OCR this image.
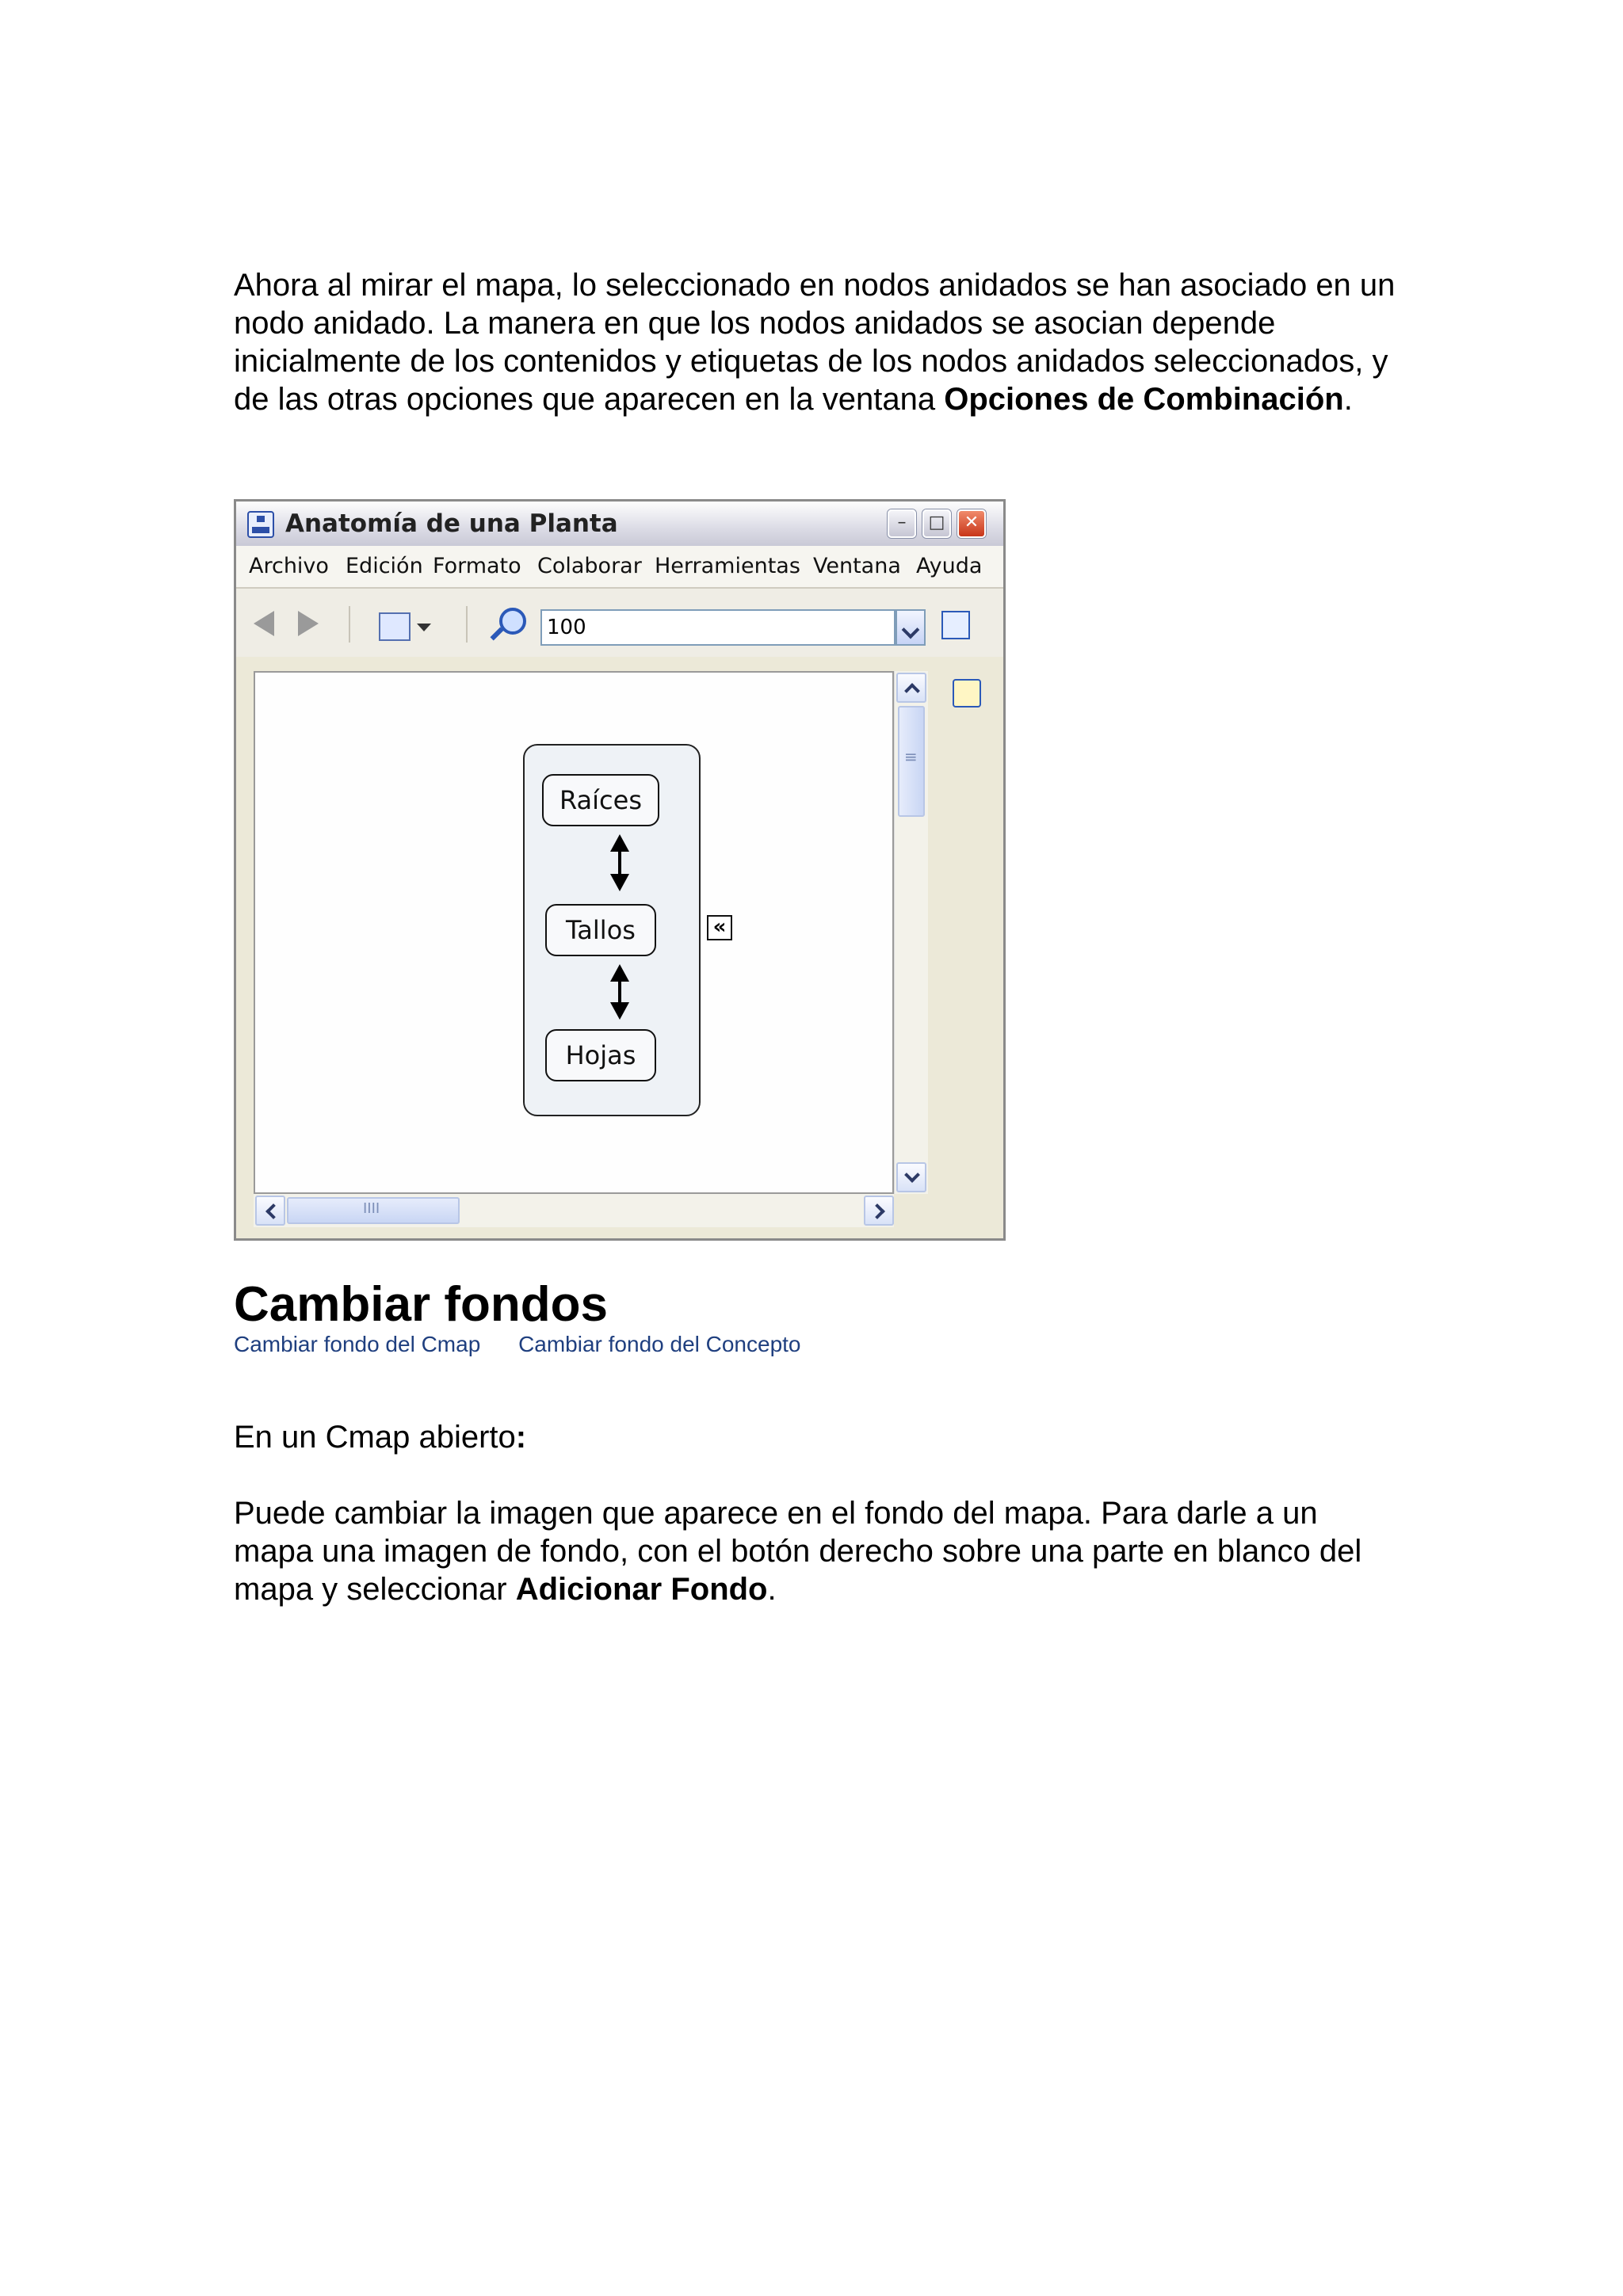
Ahora al mirar el mapa, lo seleccionado en nodos anidados se han asociado en un nodo anidado. La manera en que los nodos anidados se asocian depende inicialmente de los contenidos y etiquetas de los nodos anidados seleccionados, y de las otras opciones que aparecen en la ventana Opciones de Combinación.

Anatomía de una Planta	–	□	✕
Archivo Edición Formato Colaborar Herramientas Ventana Ayuda
100
Raíces
Tallos
Hojas
«
≡
IIII
Cambiar fondos
Cambiar fondo del Cmap Cambiar fondo del Concepto

En un Cmap abierto:

Puede cambiar la imagen que aparece en el fondo del mapa. Para darle a un mapa una imagen de fondo, con el botón derecho sobre una parte en blanco del mapa y seleccionar Adicionar Fondo.
